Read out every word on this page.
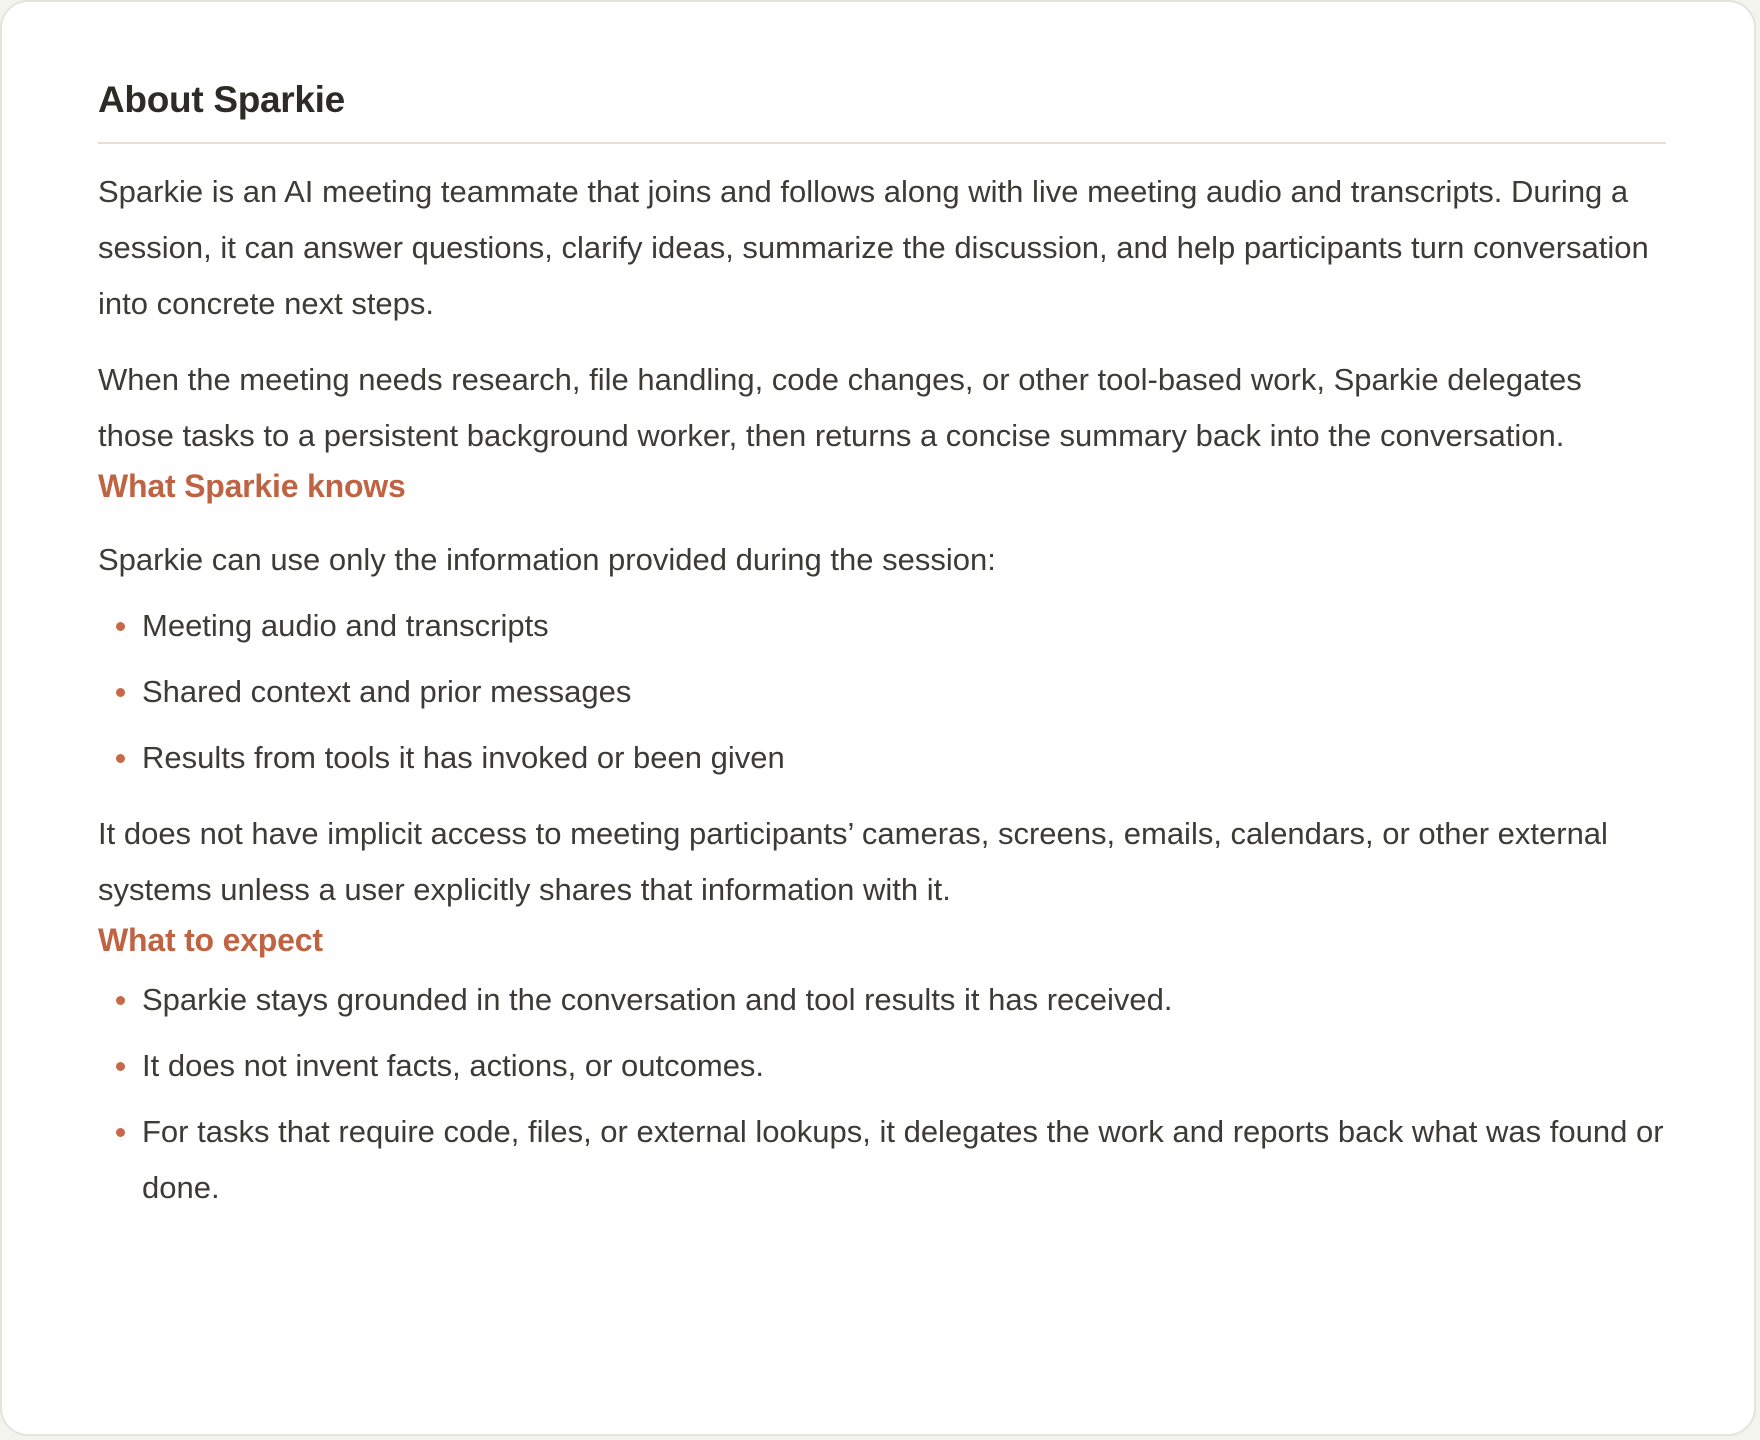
About Sparkie

Sparkie is an AI meeting teammate that joins and follows along with live meeting audio and transcripts. During a session, it can answer questions, clarify ideas, summarize the discussion, and help participants turn conversation into concrete next steps.

When the meeting needs research, file handling, code changes, or other tool-based work, Sparkie delegates those tasks to a persistent background worker, then returns a concise summary back into the conversation.

What Sparkie knows

Sparkie can use only the information provided during the session:

Meeting audio and transcripts
Shared context and prior messages
Results from tools it has invoked or been given

It does not have implicit access to meeting participants’ cameras, screens, emails, calendars, or other external systems unless a user explicitly shares that information with it.

What to expect
Sparkie stays grounded in the conversation and tool results it has received.
It does not invent facts, actions, or outcomes.
For tasks that require code, files, or external lookups, it delegates the work and reports back what was found or done.
